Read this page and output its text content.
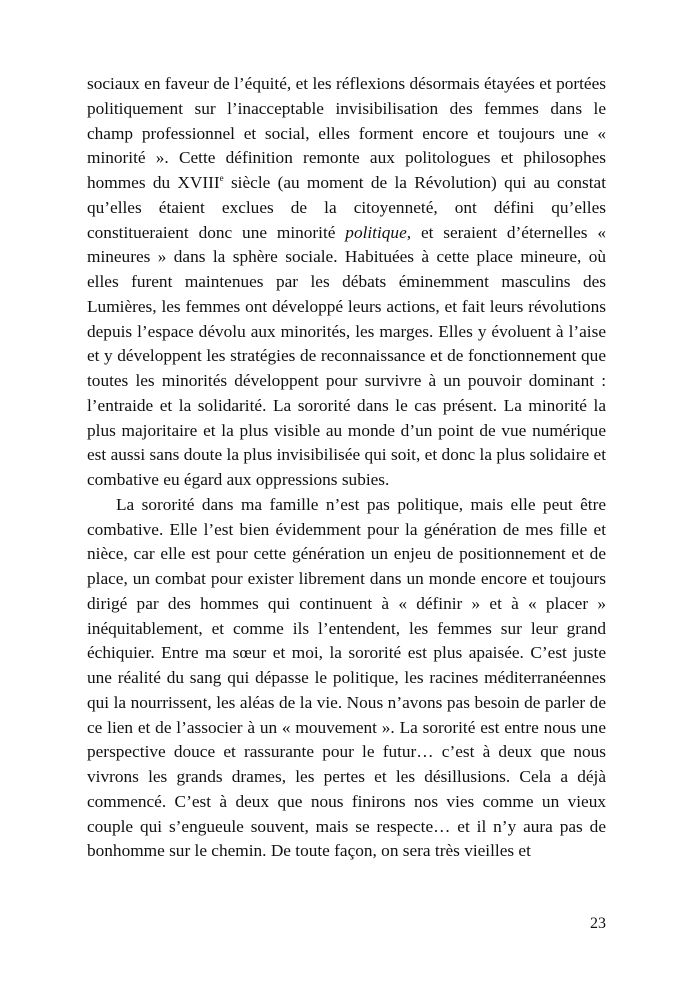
sociaux en faveur de l’équité, et les réflexions désormais étayées et portées politiquement sur l’inacceptable invisibilisation des femmes dans le champ professionnel et social, elles forment encore et toujours une « minorité ». Cette définition remonte aux politologues et philosophes hommes du XVIIIe siècle (au moment de la Révolution) qui au constat qu’elles étaient exclues de la citoyenneté, ont défini qu’elles constitueraient donc une minorité politique, et seraient d’éternelles « mineures » dans la sphère sociale. Habituées à cette place mineure, où elles furent maintenues par les débats éminemment masculins des Lumières, les femmes ont développé leurs actions, et fait leurs révolutions depuis l’espace dévolu aux minorités, les marges. Elles y évoluent à l’aise et y développent les stratégies de reconnaissance et de fonctionnement que toutes les minorités développent pour survivre à un pouvoir dominant : l’entraide et la solidarité. La sororité dans le cas présent. La minorité la plus majoritaire et la plus visible au monde d’un point de vue numérique est aussi sans doute la plus invisibilisée qui soit, et donc la plus solidaire et combative eu égard aux oppressions subies.

La sororité dans ma famille n’est pas politique, mais elle peut être combative. Elle l’est bien évidemment pour la génération de mes fille et nièce, car elle est pour cette génération un enjeu de positionnement et de place, un combat pour exister librement dans un monde encore et toujours dirigé par des hommes qui continuent à « définir » et à « placer » inéquitablement, et comme ils l’entendent, les femmes sur leur grand échiquier. Entre ma sœur et moi, la sororité est plus apaisée. C’est juste une réalité du sang qui dépasse le politique, les racines méditerranéennes qui la nourrissent, les aléas de la vie. Nous n’avons pas besoin de parler de ce lien et de l’associer à un « mouvement ». La sororité est entre nous une perspective douce et rassurante pour le futur… c’est à deux que nous vivrons les grands drames, les pertes et les désillusions. Cela a déjà commencé. C’est à deux que nous finirons nos vies comme un vieux couple qui s’engueule souvent, mais se respecte… et il n’y aura pas de bonhomme sur le chemin. De toute façon, on sera très vieilles et

23
